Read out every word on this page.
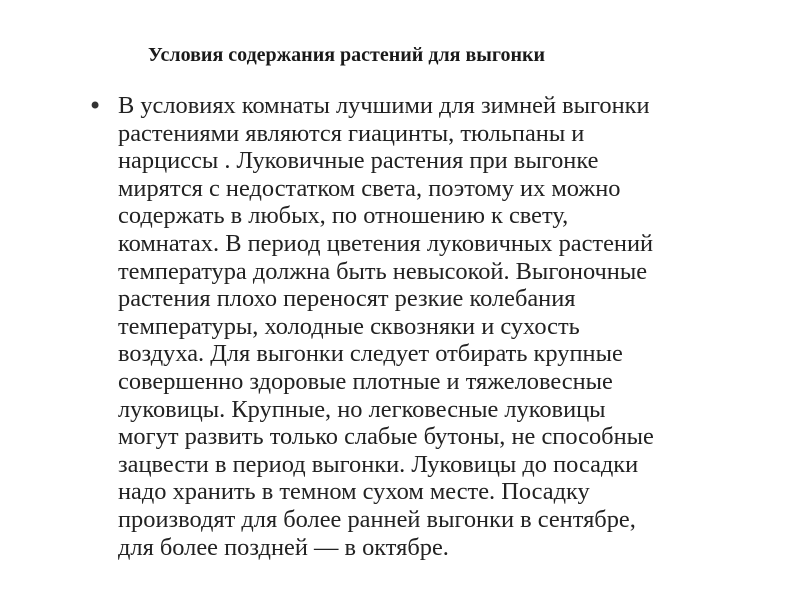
Условия содержания растений для выгонки
• В условиях комнаты лучшими для зимней выгонки
растениями являются гиацинты, тюльпаны и
нарциссы . Луковичные растения при выгонке
мирятся с недостатком света, поэтому их можно
содержать в любых, по отношению к свету,
комнатах. В период цветения луковичных растений
температура должна быть невысокой. Выгоночные
растения плохо переносят резкие колебания
температуры, холодные сквозняки и сухость
воздуха. Для выгонки следует отбирать крупные
совершенно здоровые плотные и тяжеловесные
луковицы. Крупные, но легковесные луковицы
могут развить только слабые бутоны, не способные
зацвести в период выгонки. Луковицы до посадки
надо хранить в темном сухом месте. Посадку
производят для более ранней выгонки в сентябре,
для более поздней — в октябре.
